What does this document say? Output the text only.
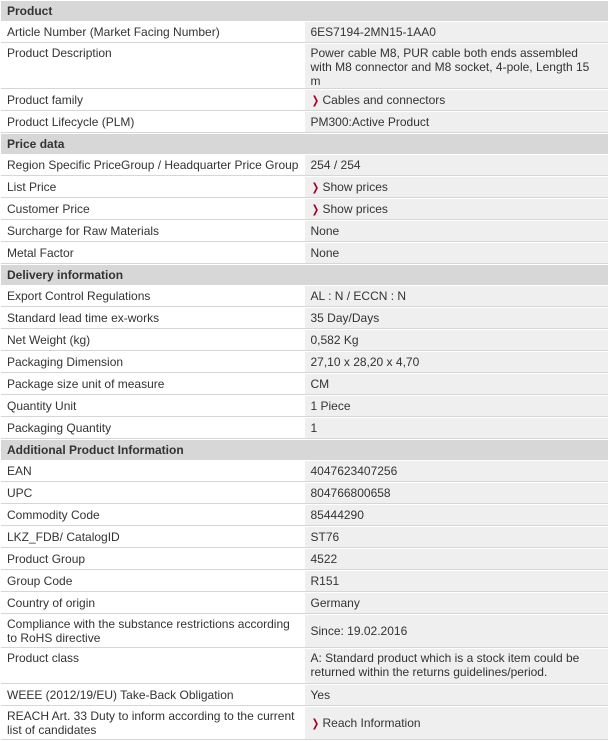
Product	
Article Number (Market Facing Number)	6ES7194-2MN15-1AA0
Product Description	Power cable M8, PUR cable both ends assembled with M8 connector and M8 socket, 4-pole, Length 15 m
Product family	❯ Cables and connectors
Product Lifecycle (PLM)	PM300:Active Product
Price data	
Region Specific PriceGroup / Headquarter Price Group	254 / 254
List Price	❯ Show prices
Customer Price	❯ Show prices
Surcharge for Raw Materials	None
Metal Factor	None
Delivery information	
Export Control Regulations	AL : N / ECCN : N
Standard lead time ex-works	35 Day/Days
Net Weight (kg)	0,582 Kg
Packaging Dimension	27,10 x 28,20 x 4,70
Package size unit of measure	CM
Quantity Unit	1 Piece
Packaging Quantity	1
Additional Product Information	
EAN	4047623407256
UPC	804766800658
Commodity Code	85444290
LKZ_FDB/ CatalogID	ST76
Product Group	4522
Group Code	R151
Country of origin	Germany
Compliance with the substance restrictions according to RoHS directive	Since: 19.02.2016
Product class	A: Standard product which is a stock item could be returned within the returns guidelines/period.
WEEE (2012/19/EU) Take-Back Obligation	Yes
REACH Art. 33 Duty to inform according to the current list of candidates	❯ Reach Information
